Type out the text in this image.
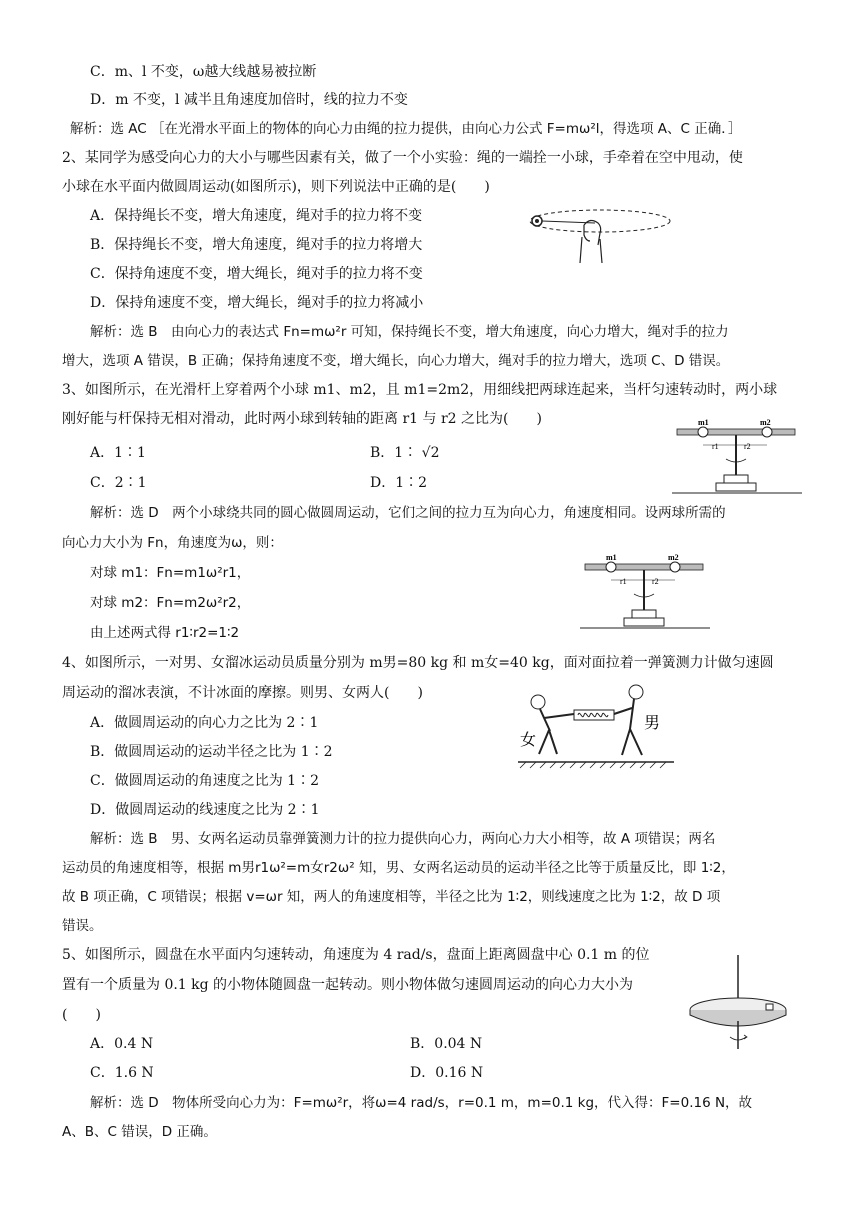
C．m、l 不变，ω越大线越易被拉断
D．m 不变，l 减半且角速度加倍时，线的拉力不变
解析：选 AC ［在光滑水平面上的物体的向心力由绳的拉力提供，由向心力公式 F=mω²l，得选项 A、C 正确．］
2、某同学为感受向心力的大小与哪些因素有关，做了一个小实验：绳的一端拴一小球，手牵着在空中甩动，使
小球在水平面内做圆周运动(如图所示)，则下列说法中正确的是(　　)
A．保持绳长不变，增大角速度，绳对手的拉力将不变
B．保持绳长不变，增大角速度，绳对手的拉力将增大
C．保持角速度不变，增大绳长，绳对手的拉力将不变
D．保持角速度不变，增大绳长，绳对手的拉力将减小
解析：选 B　由向心力的表达式 Fn=mω²r 可知，保持绳长不变，增大角速度，向心力增大，绳对手的拉力
增大，选项 A 错误，B 正确；保持角速度不变，增大绳长，向心力增大，绳对手的拉力增大，选项 C、D 错误。
3、如图所示，在光滑杆上穿着两个小球 m1、m2，且 m1=2m2，用细线把两球连起来，当杆匀速转动时，两小球
刚好能与杆保持无相对滑动，此时两小球到转轴的距离 r1 与 r2 之比为(　　)
A．1∶1	B．1∶ √2
C．2∶1	D．1∶2
解析：选 D　两个小球绕共同的圆心做圆周运动，它们之间的拉力互为向心力，角速度相同。设两球所需的
向心力大小为 Fn，角速度为ω，则：
对球 m1：Fn=m1ω²r1，
对球 m2：Fn=m2ω²r2，
由上述两式得 r1∶r2=1∶2
4、如图所示，一对男、女溜冰运动员质量分别为 m男=80 kg 和 m女=40 kg，面对面拉着一弹簧测力计做匀速圆
周运动的溜冰表演，不计冰面的摩擦。则男、女两人(　　)
A．做圆周运动的向心力之比为 2∶1
B．做圆周运动的运动半径之比为 1∶2
C．做圆周运动的角速度之比为 1∶2
D．做圆周运动的线速度之比为 2∶1
解析：选 B　男、女两名运动员靠弹簧测力计的拉力提供向心力，两向心力大小相等，故 A 项错误；两名
运动员的角速度相等，根据 m男r1ω²=m女r2ω² 知，男、女两名运动员的运动半径之比等于质量反比，即 1∶2，
故 B 项正确，C 项错误；根据 v=ωr 知，两人的角速度相等，半径之比为 1∶2，则线速度之比为 1∶2，故 D 项
错误。
5、如图所示，圆盘在水平面内匀速转动，角速度为 4 rad/s，盘面上距离圆盘中心 0.1 m 的位
置有一个质量为 0.1 kg 的小物体随圆盘一起转动。则小物体做匀速圆周运动的向心力大小为
(　　)
A．0.4 N	B．0.04 N
C．1.6 N	D．0.16 N
解析：选 D　物体所受向心力为：F=mω²r，将ω=4 rad/s，r=0.1 m，m=0.1 kg，代入得：F=0.16 N，故
A、B、C 错误，D 正确。
m1	m2
r1	r2
m1	m2
r1	r2
女
男
